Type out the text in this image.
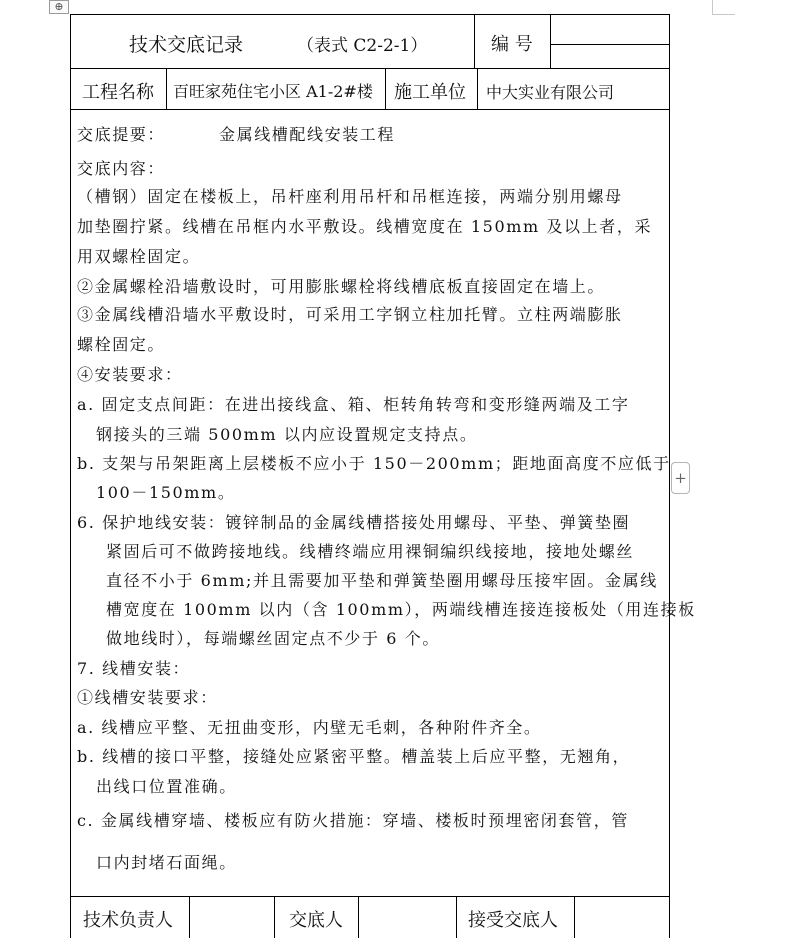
⊕
+
技术交底记录	（表式 C2-2-1）	编 号
工程名称 百旺家苑住宅小区 A1-2#楼 施工单位 中大实业有限公司
交底提要：	金属线槽配线安装工程
交底内容：
（槽钢）固定在楼板上，吊杆座利用吊杆和吊框连接，两端分别用螺母
加垫圈拧紧。线槽在吊框内水平敷设。线槽宽度在 150mm 及以上者，采
用双螺栓固定。
②金属螺栓沿墙敷设时，可用膨胀螺栓将线槽底板直接固定在墙上。
③金属线槽沿墙水平敷设时，可采用工字钢立柱加托臂。立柱两端膨胀
螺栓固定。
④安装要求：
a. 固定支点间距：在进出接线盒、箱、柜转角转弯和变形缝两端及工字
钢接头的三端 500mm 以内应设置规定支持点。
b. 支架与吊架距离上层楼板不应小于 150－200mm；距地面高度不应低于
100－150mm。
6. 保护地线安装：镀锌制品的金属线槽搭接处用螺母、平垫、弹簧垫圈
紧固后可不做跨接地线。线槽终端应用裸铜编织线接地，接地处螺丝
直径不小于 6mm;并且需要加平垫和弹簧垫圈用螺母压接牢固。金属线
槽宽度在 100mm 以内（含 100mm），两端线槽连接连接板处（用连接板
做地线时），每端螺丝固定点不少于 6 个。
7. 线槽安装：
①线槽安装要求：
a. 线槽应平整、无扭曲变形，内壁无毛刺，各种附件齐全。
b. 线槽的接口平整，接缝处应紧密平整。槽盖装上后应平整，无翘角，
出线口位置准确。
c. 金属线槽穿墙、楼板应有防火措施：穿墙、楼板时预埋密闭套管，管
口内封堵石面绳。
技术负责人	交底人	接受交底人
